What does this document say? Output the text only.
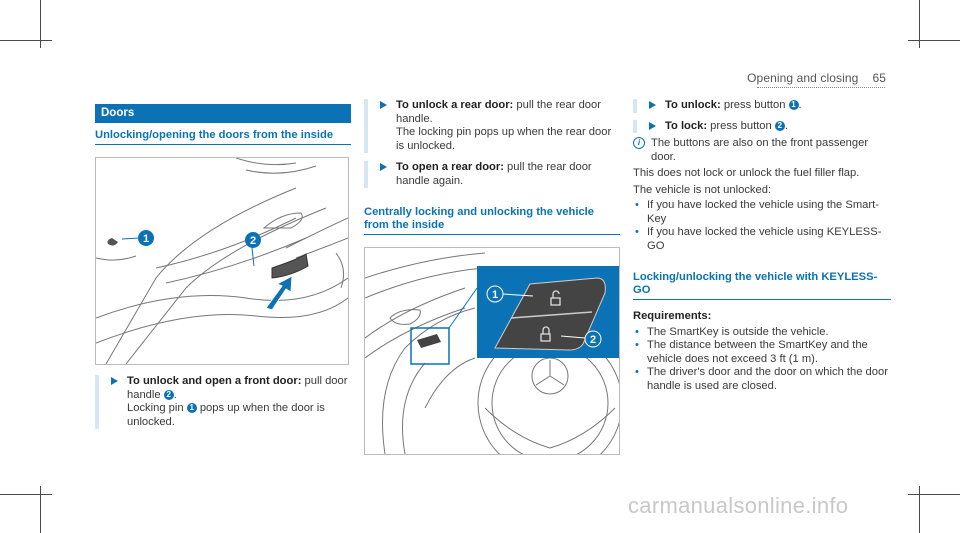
Opening and closing 65
Doors
Unlocking/opening the doors from the inside
1	2
To unlock and open a front door: pull door handle 2 .
Locking pin 1 pops up when the door is unlocked.
To unlock a rear door: pull the rear door handle.
The locking pin pops up when the rear door is unlocked.
To open a rear door: pull the rear door handle again.
Centrally locking and unlocking the vehicle from the inside
1
2
To unlock: press button 1 .
To lock: press button 2 .
i The buttons are also on the front passenger door.
This does not lock or unlock the fuel filler flap.
The vehicle is not unlocked:
• If you have locked the vehicle using the Smart- Key
• If you have locked the vehicle using KEYLESS- GO
Locking/unlocking the vehicle with KEYLESS-GO
Requirements:
• The SmartKey is outside the vehicle.
• The distance between the SmartKey and the vehicle does not exceed 3 ft (1 m).
• The driver's door and the door on which the door handle is used are closed.
carmanualsonline.info
